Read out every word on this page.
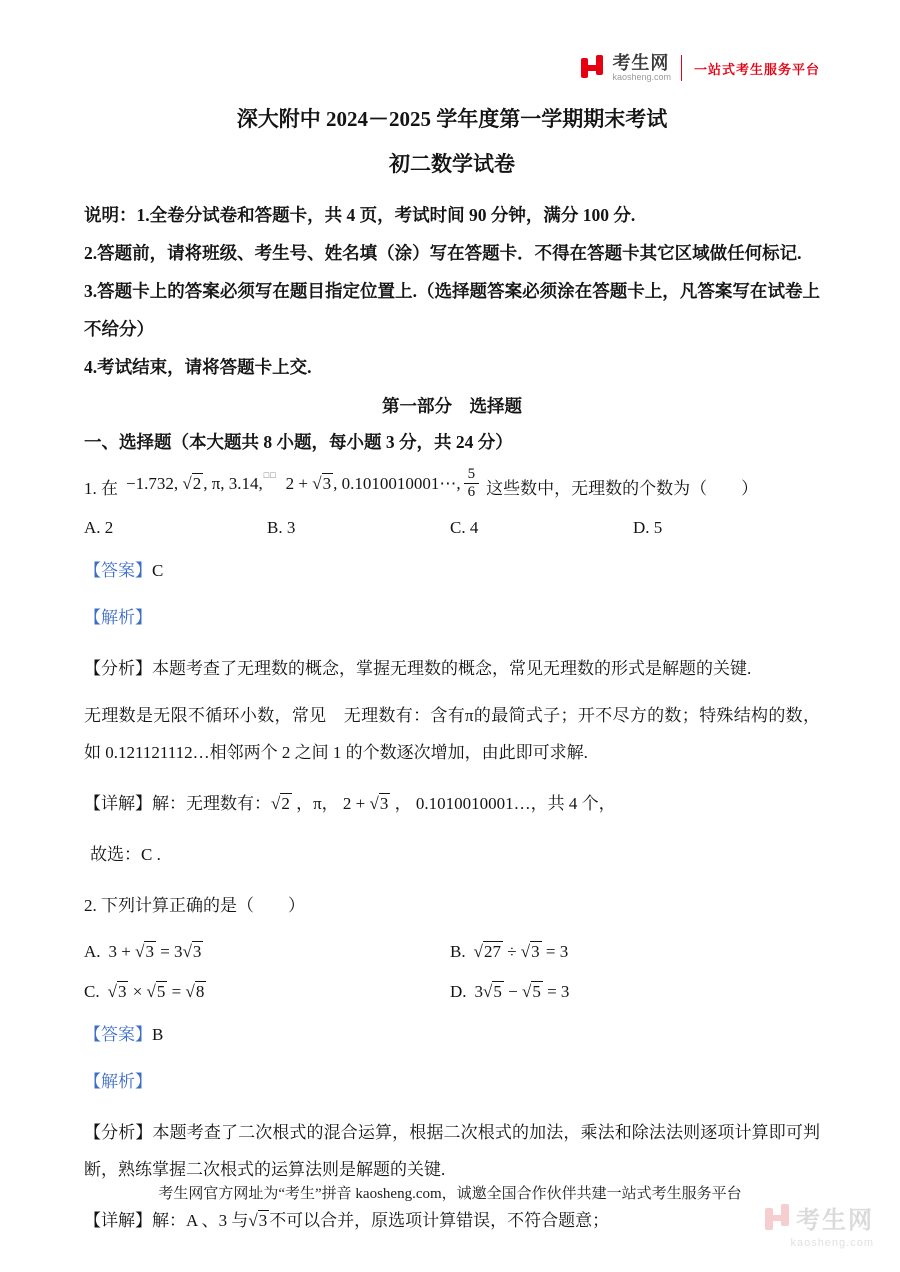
考生网
kaosheng.com
一站式考生服务平台
深大附中 2024－2025 学年度第一学期期末考试
初二数学试卷

说明：1.全卷分试卷和答题卡，共 4 页，考试时间 90 分钟，满分 100 分.

2.答题前，请将班级、考生号、姓名填（涂）写在答题卡．不得在答题卡其它区域做任何标记.

3.答题卡上的答案必须写在题目指定位置上.（选择题答案必须涂在答题卡上，凡答案写在试卷上不给分）

4.考试结束，请将答题卡上交.

第一部分　选择题
一、选择题（本大题共 8 小题，每小题 3 分，共 24 分）
1. 在 −1.732, √2 , π, 3.14,□□ 2 + √3 , 0.1010010001⋯, $\frac{5}{6}$ 这些数中，无理数的个数为（　　）
A. 2	B. 3	C. 4	D. 5

【答案】C

【解析】

【分析】本题考查了无理数的概念，掌握无理数的概念，常见无理数的形式是解题的关键.

无理数是无限不循环小数，常见　无理数有：含有π的最简式子；开不尽方的数；特殊结构的数，如 0.121121112…相邻两个 2 之间 1 的个数逐次增加，由此即可求解.

【详解】解：无理数有：√2 ，π， 2 + √3 ， 0.1010010001…，共 4 个，

故选：C .

2. 下列计算正确的是（　　）

A. 3 + √3 = 3√3	B. √27 ÷ √3 = 3
C. √3 × √5 = √8	D. 3√5 − √5 = 3

【答案】B

【解析】

【分析】本题考查了二次根式的混合运算，根据二次根式的加法，乘法和除法法则逐项计算即可判断，熟练掌握二次根式的运算法则是解题的关键.

【详解】解：A 、3 与√3 不可以合并，原选项计算错误，不符合题意；

考生网官方网址为“考生”拼音 kaosheng.com，诚邀全国合作伙伴共建一站式考生服务平台
考生网
kaosheng.com
